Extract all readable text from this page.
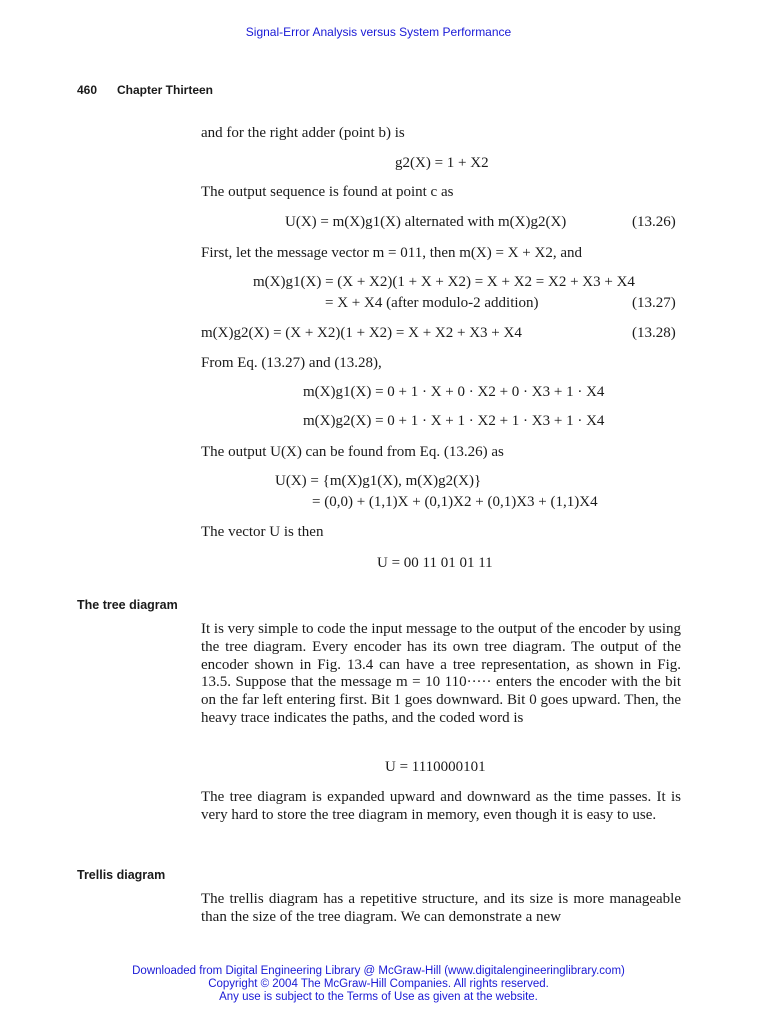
Signal-Error Analysis versus System Performance
460 Chapter Thirteen
and for the right adder (point b) is
g2(X) = 1 + X2
The output sequence is found at point c as
U(X) = m(X)g1(X) alternated with m(X)g2(X)	(13.26)
First, let the message vector m = 011, then m(X) = X + X2, and
m(X)g1(X) = (X + X2)(1 + X + X2) = X + X2 = X2 + X3 + X4
= X + X4 (after modulo-2 addition)	(13.27)
m(X)g2(X) = (X + X2)(1 + X2) = X + X2 + X3 + X4	(13.28)
From Eq. (13.27) and (13.28),
m(X)g1(X) = 0 + 1 · X + 0 · X2 + 0 · X3 + 1 · X4
m(X)g2(X) = 0 + 1 · X + 1 · X2 + 1 · X3 + 1 · X4
The output U(X) can be found from Eq. (13.26) as
U(X) = {m(X)g1(X), m(X)g2(X)}
= (0,0) + (1,1)X + (0,1)X2 + (0,1)X3 + (1,1)X4
The vector U is then
U = 00 11 01 01 11
The tree diagram
It is very simple to code the input message to the output of the encoder by using the tree diagram. Every encoder has its own tree diagram. The output of the encoder shown in Fig. 13.4 can have a tree representation, as shown in Fig. 13.5. Suppose that the message m = 10 110····· enters the encoder with the bit on the far left entering first. Bit 1 goes downward. Bit 0 goes upward. Then, the heavy trace indicates the paths, and the coded word is
U = 1110000101
The tree diagram is expanded upward and downward as the time passes. It is very hard to store the tree diagram in memory, even though it is easy to use.
Trellis diagram
The trellis diagram has a repetitive structure, and its size is more manageable than the size of the tree diagram. We can demonstrate a new
Downloaded from Digital Engineering Library @ McGraw-Hill (www.digitalengineeringlibrary.com)
Copyright © 2004 The McGraw-Hill Companies. All rights reserved.
Any use is subject to the Terms of Use as given at the website.
